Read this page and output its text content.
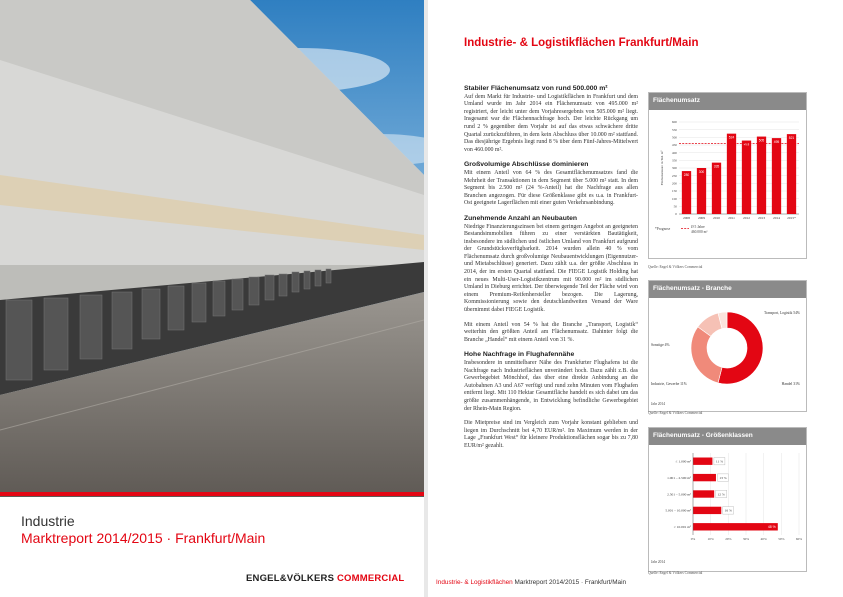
Industrie
Marktreport 2014/2015 · Frankfurt/Main
ENGEL&VÖLKERS COMMERCIAL
Industrie- & Logistikflächen Frankfurt/Main
Stabiler Flächenumsatz von rund 500.000 m²

Auf dem Markt für Industrie- und Logistikflächen in Frankfurt und dem Umland wurde im Jahr 2014 ein Flächenumsatz von 495.000 m² registriert, der leicht unter dem Vorjahresergebnis von 505.000 m² liegt. Insgesamt war die Flächennachfrage hoch. Der leichte Rückgang um rund 2 % gegenüber dem Vorjahr ist auf das etwas schwächere dritte Quartal zurückzuführen, in dem kein Abschluss über 10.000 m² stattfand. Das diesjährige Ergebnis liegt rund 8 % über dem Fünf-Jahres-Mittelwert von 460.000 m².

Großvolumige Abschlüsse dominieren

Mit einem Anteil von 64 % des Gesamtflächenumsatzes fand die Mehrheit der Transaktionen in dem Segment über 5.000 m² statt. In dem Segment bis 2.500 m² (24 %-Anteil) hat die Nachfrage aus allen Branchen angezogen. Für diese Größenklasse gibt es u.a. in Frankfurt-Ost geeignete Lagerflächen mit einer guten Verkehrsanbindung.

Zunehmende Anzahl an Neubauten

Niedrige Finanzierungszinsen bei einem geringen Angebot an geeigneten Bestandsimmobilien führen zu einer verstärkten Bautätigkeit, insbesondere im südlichen und östlichen Umland von Frankfurt aufgrund der Grundstücksverfügbarkeit. 2014 wurden allein 40 % vom Flächenumsatz durch großvolumige Neubauentwicklungen (Eigennutzer- und Mietabschlüsse) generiert. Dazu zählt u.a. der größte Abschluss in 2014, der im ersten Quartal stattfand. Die FIEGE Logistik Holding hat ein neues Multi-User-Logistikzentrum mit 90.000 m² im südlichen Umland in Dieburg errichtet. Der überwiegende Teil der Fläche wird von einem Premium-Reifenhersteller bezogen. Die Lagerung, Kommissionierung sowie den deutschlandweiten Versand der Ware übernimmt dabei FIEGE Logistik.

Mit einem Anteil von 54 % hat die Branche „Transport, Logistik“ weiterhin den größten Anteil am Flächenumsatz. Dahinter folgt die Branche „Handel“ mit einem Anteil von 31 %.

Hohe Nachfrage in Flughafennähe

Insbesondere in unmittelbarer Nähe des Frankfurter Flughafens ist die Nachfrage nach Industrieflächen unverändert hoch. Dazu zählt z.B. das Gewerbegebiet Mönchhof, das über eine direkte Anbindung an die Autobahnen A3 und A67 verfügt und rund zehn Minuten vom Flughafen entfernt liegt. Mit 110 Hektar Gesamtfläche handelt es sich dabei um das größte zusammenhängende, in Entwicklung befindliche Gewerbegebiet der Rhein-Main Region.

Die Mietpreise sind im Vergleich zum Vorjahr konstant geblieben und liegen im Durchschnitt bei 4,70 EUR/m². Im Maximum werden in der Lage „Frankfurt West“ für kleinere Produktionsflächen sogar bis zu 7,80 EUR/m² gezahlt.

Flächenumsatz
0
50
100
150
200
250
300
350
400
450
500
550
600
280
2008
300
2009
335
2010
524
2011
479
2012
505
2013
495
2014
521
2015*
Flächenumsatz in Tsd. m²
*Prognose	Ø 5 Jahre
460.000 m²
Quelle: Engel & Völkers Commercial
Flächenumsatz - Branche
Transport, Logistik 54%
Handel 31%
Industrie, Gewerbe 11%
Sonstige 4%
Jahr 2014
Quelle: Engel & Völkers Commercial
Flächenumsatz - Größenklassen
0%	10%	20%	30%	40%	50%	60%
≤ 1.000 m²	11 %
1.001 – 2.500 m²	13 %
2.501 – 5.000 m²	12 %
5.001 – 10.000 m²	16 %
≥ 10.001 m²	48 %
Jahr 2014
Quelle: Engel & Völkers Commercial
Industrie- & Logistikflächen Marktreport 2014/2015 · Frankfurt/Main
